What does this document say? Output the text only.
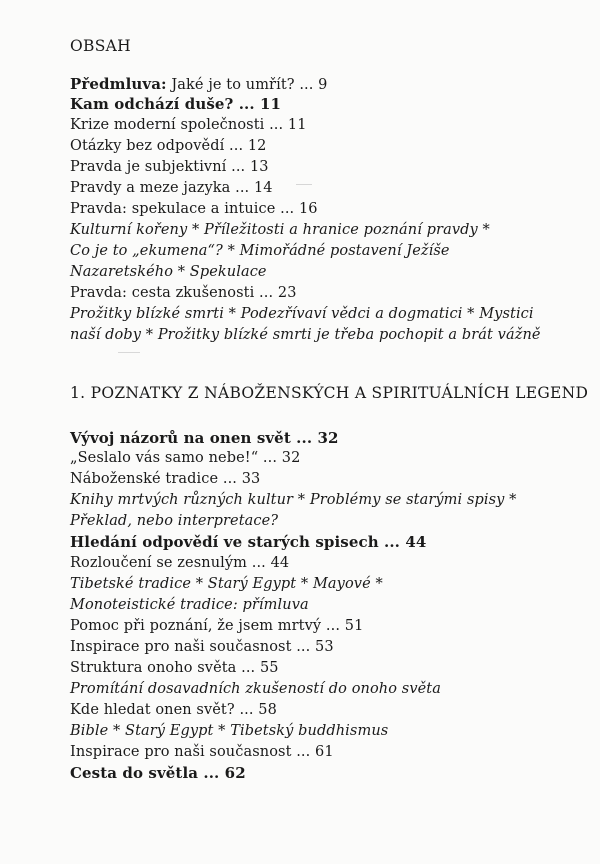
OBSAH
Předmluva: Jaké je to umřít? ... 9
Kam odchází duše? ... 11
Krize moderní společnosti ... 11
Otázky bez odpovědí ... 12
Pravda je subjektivní ... 13
Pravdy a meze jazyka ... 14
Pravda: spekulace a intuice ... 16
Kulturní kořeny * Příležitosti a hranice poznání pravdy *
Co je to „ekumena“? * Mimořádné postavení Ježíše
Nazaretského * Spekulace
Pravda: cesta zkušenosti ... 23
Prožitky blízké smrti * Podezřívaví vědci a dogmatici * Mystici
naší doby * Prožitky blízké smrti je třeba pochopit a brát vážně
1. POZNATKY Z NÁBOŽENSKÝCH A SPIRITUÁLNÍCH LEGEND
Vývoj názorů na onen svět ... 32
„Seslalo vás samo nebe!“ ... 32
Náboženské tradice ... 33
Knihy mrtvých různých kultur * Problémy se starými spisy *
Překlad, nebo interpretace?
Hledání odpovědí ve starých spisech ... 44
Rozloučení se zesnulým ... 44
Tibetské tradice * Starý Egypt * Mayové *
Monoteistické tradice: přímluva
Pomoc při poznání, že jsem mrtvý ... 51
Inspirace pro naši současnost ... 53
Struktura onoho světa ... 55
Promítání dosavadních zkušeností do onoho světa
Kde hledat onen svět? ... 58
Bible * Starý Egypt * Tibetský buddhismus
Inspirace pro naši současnost ... 61
Cesta do světla ... 62
